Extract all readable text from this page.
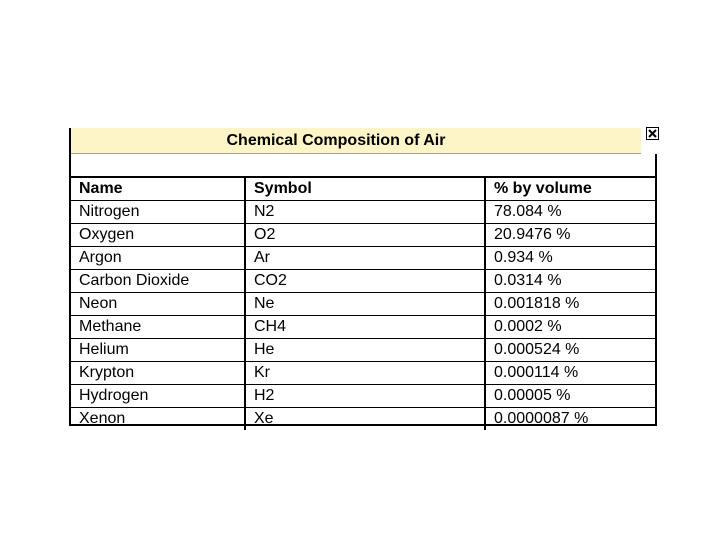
Chemical Composition of Air
Name	Symbol	% by volume
Nitrogen	N2	78.084 %
Oxygen	O2	20.9476 %
Argon	Ar	0.934 %
Carbon Dioxide	CO2	0.0314 %
Neon	Ne	0.001818 %
Methane	CH4	0.0002 %
Helium	He	0.000524 %
Krypton	Kr	0.000114 %
Hydrogen	H2	0.00005 %
Xenon	Xe	0.0000087 %
